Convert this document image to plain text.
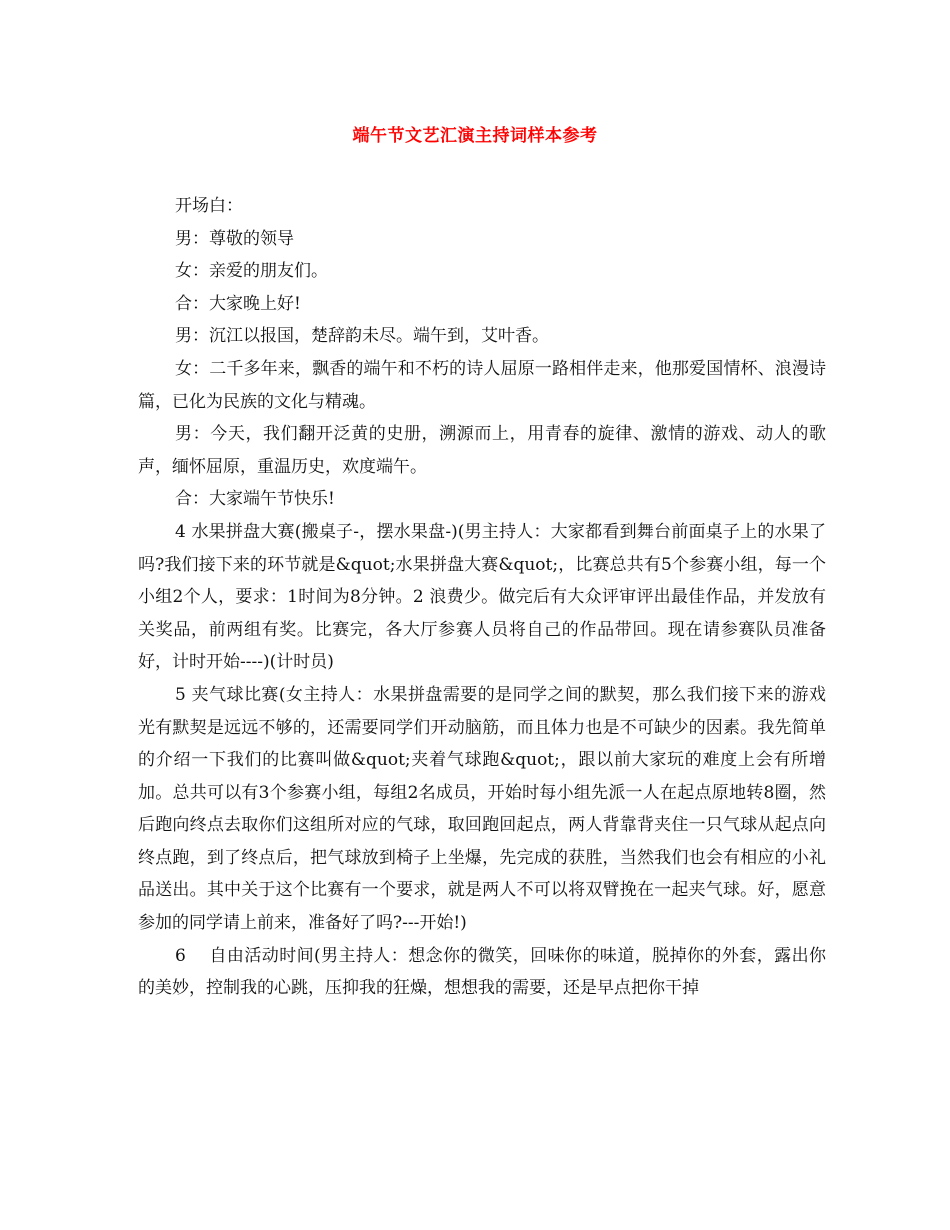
端午节文艺汇演主持词样本参考

开场白：

男：尊敬的领导

女：亲爱的朋友们。

合：大家晚上好!

男：沉江以报国，楚辞韵未尽。端午到，艾叶香。

女：二千多年来，飘香的端午和不朽的诗人屈原一路相伴走来，他那爱国情杯、浪漫诗篇，已化为民族的文化与精魂。

男：今天，我们翻开泛黄的史册，溯源而上，用青春的旋律、激情的游戏、动人的歌声，缅怀屈原，重温历史，欢度端午。

合：大家端午节快乐!

4 水果拼盘大赛(搬桌子-，摆水果盘-)(男主持人：大家都看到舞台前面桌子上的水果了吗?我们接下来的环节就是&quot;水果拼盘大赛&quot;，比赛总共有5个参赛小组，每一个小组2个人，要求：1时间为8分钟。2 浪费少。做完后有大众评审评出最佳作品，并发放有关奖品，前两组有奖。比赛完，各大厅参赛人员将自己的作品带回。现在请参赛队员准备好，计时开始----)(计时员)

5 夹气球比赛(女主持人：水果拼盘需要的是同学之间的默契，那么我们接下来的游戏光有默契是远远不够的，还需要同学们开动脑筋，而且体力也是不可缺少的因素。我先简单的介绍一下我们的比赛叫做&quot;夹着气球跑&quot;，跟以前大家玩的难度上会有所增加。总共可以有3个参赛小组，每组2名成员，开始时每小组先派一人在起点原地转8圈，然后跑向终点去取你们这组所对应的气球，取回跑回起点，两人背靠背夹住一只气球从起点向终点跑，到了终点后，把气球放到椅子上坐爆，先完成的获胜，当然我们也会有相应的小礼品送出。其中关于这个比赛有一个要求，就是两人不可以将双臂挽在一起夹气球。好，愿意参加的同学请上前来，准备好了吗?---开始!)

6　 自由活动时间(男主持人：想念你的微笑，回味你的味道，脱掉你的外套，露出你的美妙，控制我的心跳，压抑我的狂燥，想想我的需要，还是早点把你干掉
